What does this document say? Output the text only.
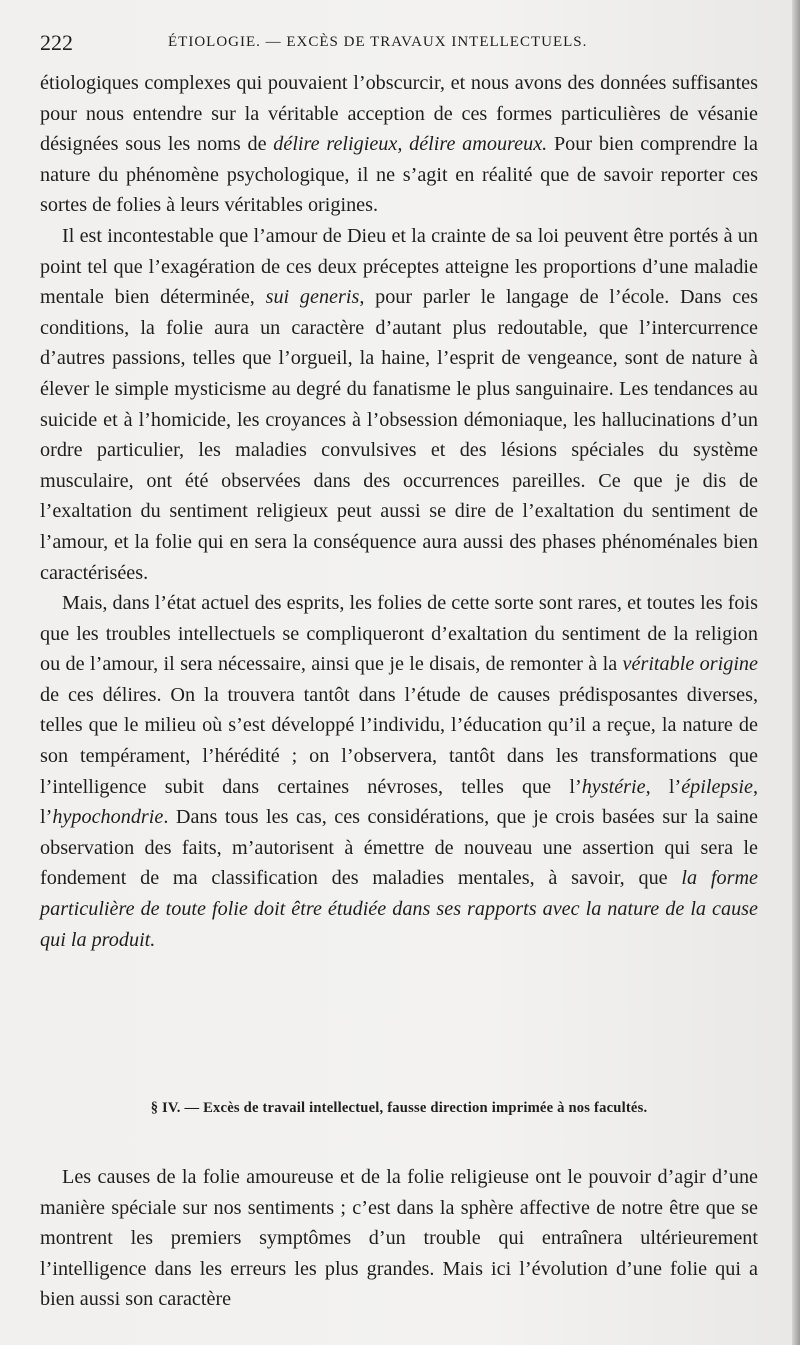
222	ÉTIOLOGIE. — EXCÈS DE TRAVAUX INTELLECTUELS.

étiologiques complexes qui pouvaient l’obscurcir, et nous avons des données suffisantes pour nous entendre sur la véritable acception de ces formes particulières de vésanie désignées sous les noms de délire religieux, délire amoureux. Pour bien comprendre la nature du phénomène psychologique, il ne s’agit en réalité que de savoir reporter ces sortes de folies à leurs véritables origines.

Il est incontestable que l’amour de Dieu et la crainte de sa loi peuvent être portés à un point tel que l’exagération de ces deux préceptes atteigne les proportions d’une maladie mentale bien déterminée, sui generis, pour parler le langage de l’école. Dans ces conditions, la folie aura un caractère d’autant plus redoutable, que l’intercurrence d’autres passions, telles que l’orgueil, la haine, l’esprit de vengeance, sont de nature à élever le simple mysticisme au degré du fanatisme le plus sanguinaire. Les tendances au suicide et à l’homicide, les croyances à l’obsession démoniaque, les hallucinations d’un ordre particulier, les maladies convulsives et des lésions spéciales du système musculaire, ont été observées dans des occurrences pareilles. Ce que je dis de l’exaltation du sentiment religieux peut aussi se dire de l’exaltation du sentiment de l’amour, et la folie qui en sera la conséquence aura aussi des phases phénoménales bien caractérisées.

Mais, dans l’état actuel des esprits, les folies de cette sorte sont rares, et toutes les fois que les troubles intellectuels se compliqueront d’exaltation du sentiment de la religion ou de l’amour, il sera nécessaire, ainsi que je le disais, de remonter à la véritable origine de ces délires. On la trouvera tantôt dans l’étude de causes prédisposantes diverses, telles que le milieu où s’est développé l’individu, l’éducation qu’il a reçue, la nature de son tempérament, l’hérédité ; on l’observera, tantôt dans les transformations que l’intelligence subit dans certaines névroses, telles que l’hystérie, l’épilepsie, l’hypochondrie. Dans tous les cas, ces considérations, que je crois basées sur la saine observation des faits, m’autorisent à émettre de nouveau une assertion qui sera le fondement de ma classification des maladies mentales, à savoir, que la forme particulière de toute folie doit être étudiée dans ses rapports avec la nature de la cause qui la produit.

§ IV. — Excès de travail intellectuel, fausse direction imprimée à nos facultés.

Les causes de la folie amoureuse et de la folie religieuse ont le pouvoir d’agir d’une manière spéciale sur nos sentiments ; c’est dans la sphère affective de notre être que se montrent les premiers symptômes d’un trouble qui entraînera ultérieurement l’intelligence dans les erreurs les plus grandes. Mais ici l’évolution d’une folie qui a bien aussi son caractère
